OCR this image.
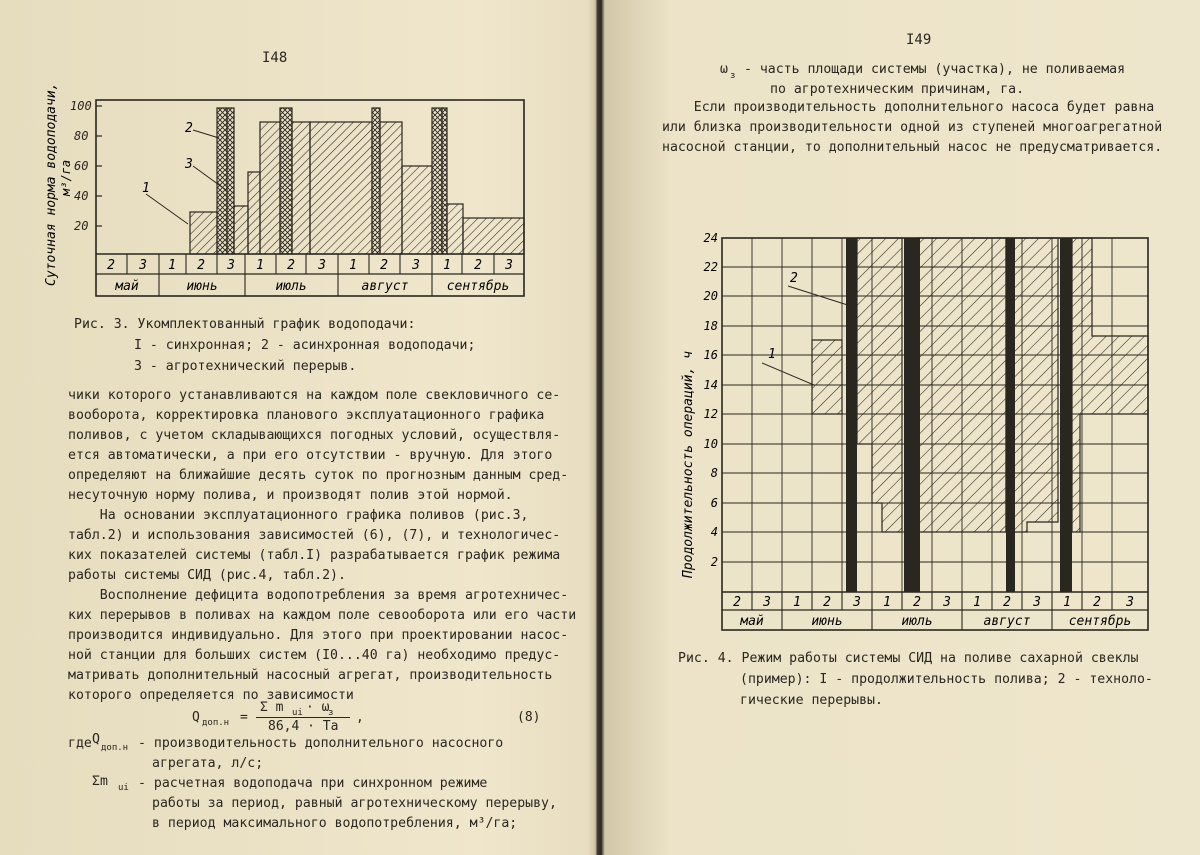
I48
100
80
60
40
20
Суточная норма водоподачи, м³/га	1
2
3
2 3 1 2 3 1 2 3 1 2 3 1 2 3
май	июнь	июль	август	сентябрь
Рис. 3. Укомплектованный график водоподачи:
I - синхронная; 2 - асинхронная водоподачи;
3 - агротехнический перерыв.
чики которого устанавливаются на каждом поле свекловичного се-
вооборота, корректировка планового эксплуатационного графика
поливов, с учетом складывающихся погодных условий, осуществля-
ется автоматически, а при его отсутствии - вручную. Для этого
определяют на ближайшие десять суток по прогнозным данным сред-
несуточную норму полива, и производят полив этой нормой.
На основании эксплуатационного графика поливов (рис.3,
табл.2) и использования зависимостей (6), (7), и технологичес-
ких показателей системы (табл.I) разрабатывается график режима
работы системы СИД (рис.4, табл.2).
Восполнение дефицита водопотребления за время агротехничес-
ких перерывов в поливах на каждом поле севооборота или его части
производится индивидуально. Для этого при проектировании насос-
ной станции для больших систем (I0...40 га) необходимо предус-
матривать дополнительный насосный агрегат, производительность
которого определяется по зависимости
Q доп.н =
Σ m ui · ω
з
86,4 · Ta
,	(8)
где Q
доп.н - производительность дополнительного насосного
агрегата, л/с;
Σm ui - расчетная водоподача при синхронном режиме
работы за период, равный агротехническому перерыву,
в период максимального водопотребления, м³/га;
I49
ω з - часть площади системы (участка), не поливаемая
по агротехническим причинам, га.
Если производительность дополнительного насоса будет равна
или близка производительности одной из ступеней многоагрегатной
насосной станции, то дополнительный насос не предусматривается.
24
22
20
18
16
14
12
10
8
6
4
2
Продолжительность операций, ч
2
1
2 3 1 2 3 1 2 3 1 2 3 1 2 3
май	июнь	июль	август	сентябрь
Рис. 4. Режим работы системы СИД на поливе сахарной свеклы
(пример): I - продолжительность полива; 2 - техноло-
гические перерывы.
